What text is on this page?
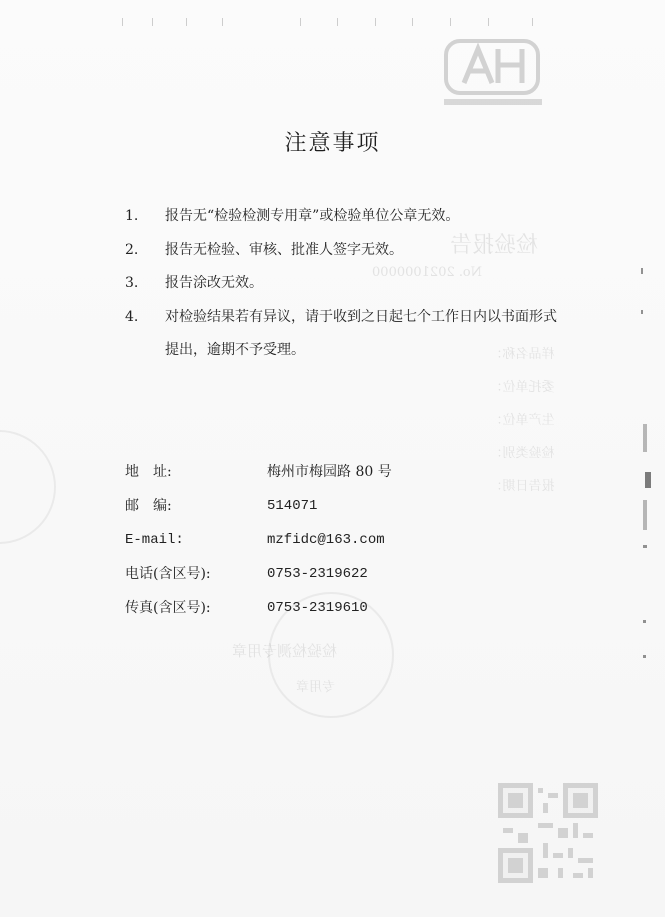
检验报告
No. 2021000000
样品名称：　　　　　　
委托单位：　　　　　　
生产单位：　　　　　　
检验类别：　　　　　　
报告日期：　　　　　　
检验检测专用章
专用章
注意事项
1.	报告无“检验检测专用章”或检验单位公章无效。
2.	报告无检验、审核、批准人签字无效。
3.	报告涂改无效。
4.	对检验结果若有异议，请于收到之日起七个工作日内以书面形式提出，逾期不予受理。
地　址:	梅州市梅园路 80 号
邮　编:	514071
E-mail:	mzfidc@163.com
电话(含区号):	0753-2319622
传真(含区号):	0753-2319610
